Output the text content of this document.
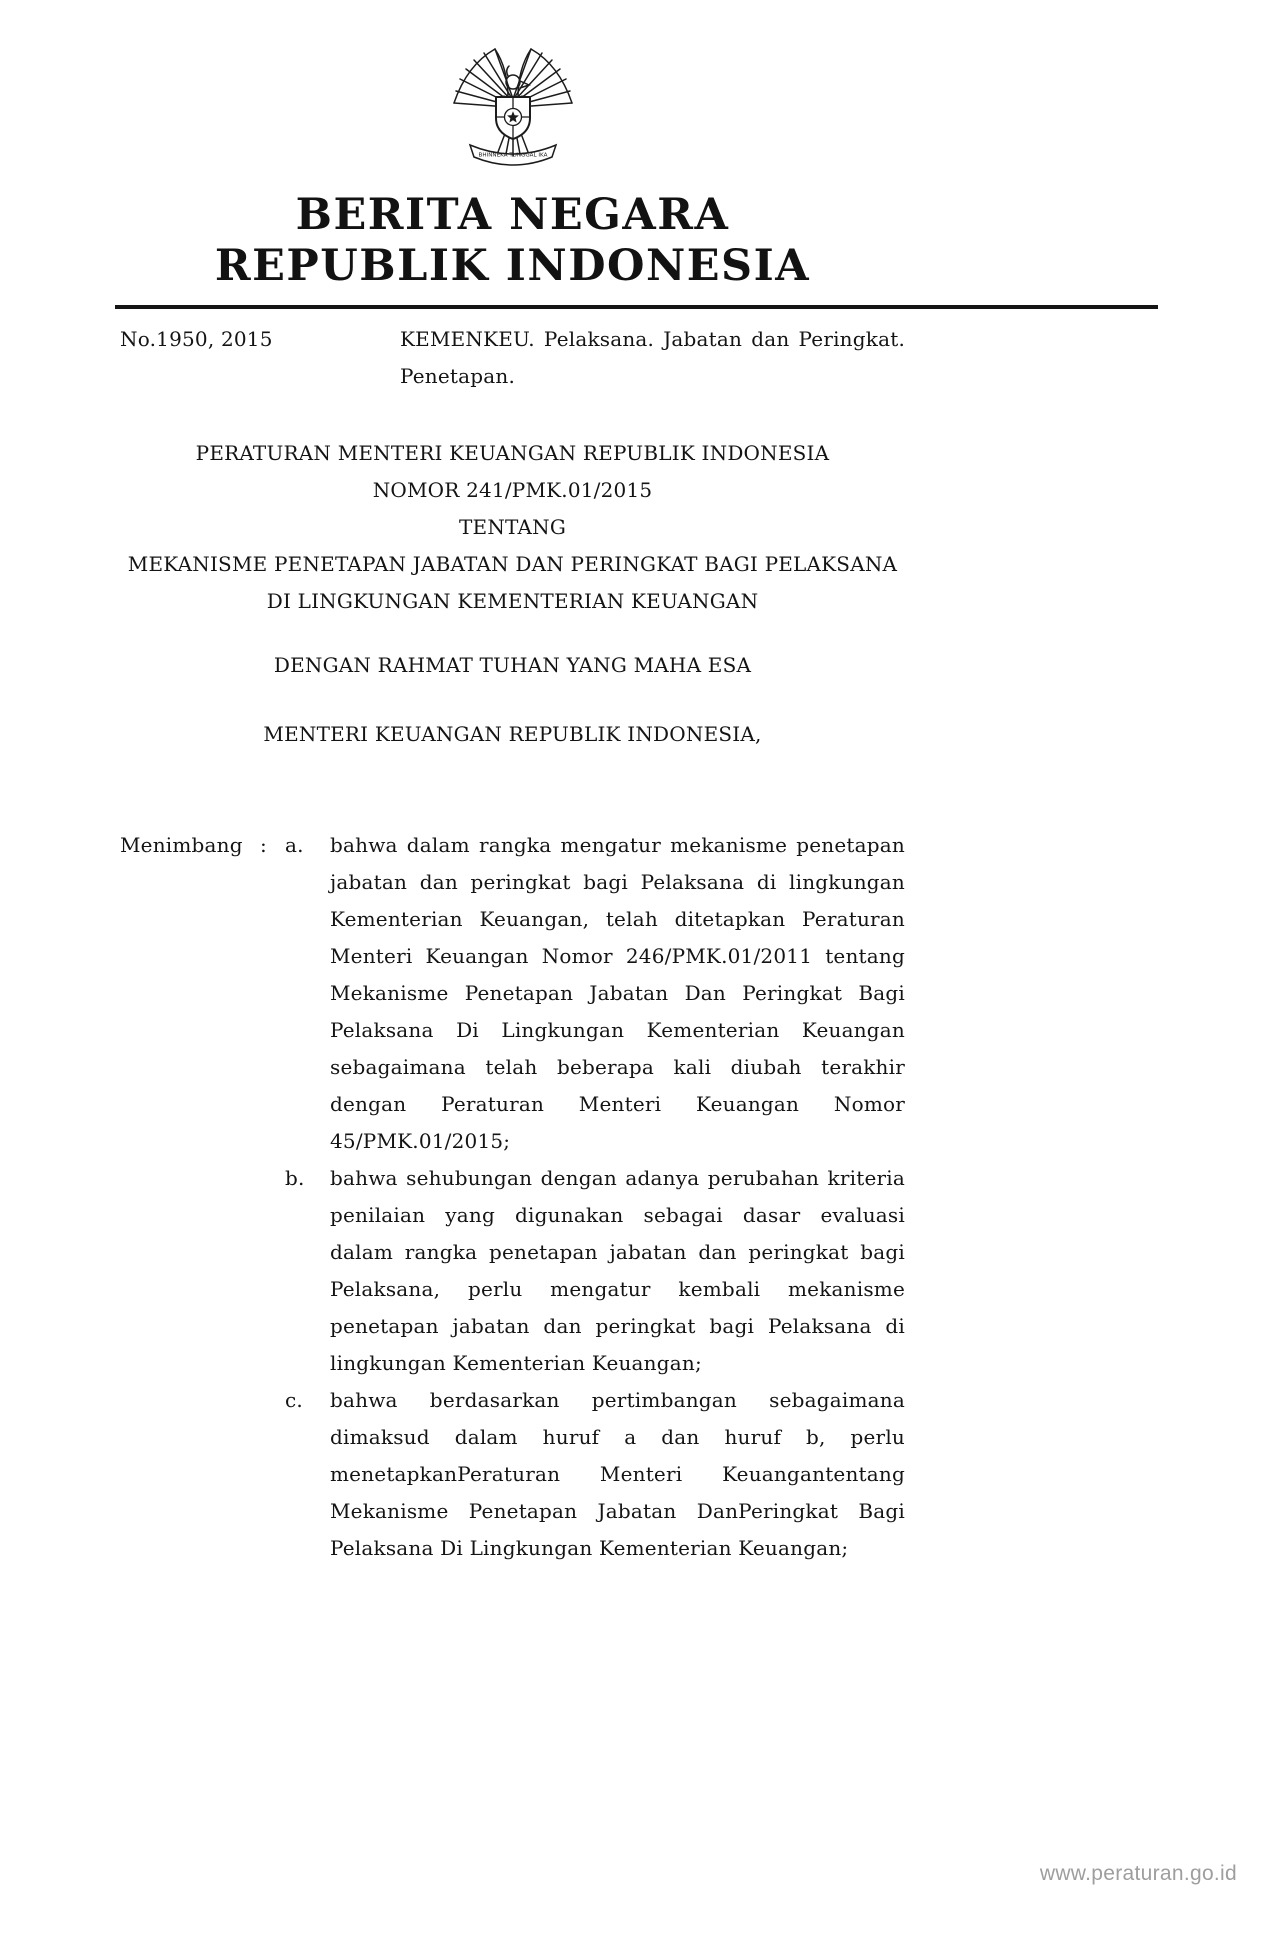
BHINNEKA TUNGGAL IKA
BERITA NEGARA
REPUBLIK INDONESIA
No.1950, 2015	KEMENKEU. Pelaksana. Jabatan dan Peringkat. Penetapan.
PERATURAN MENTERI KEUANGAN REPUBLIK INDONESIA
NOMOR 241/PMK.01/2015
TENTANG
MEKANISME PENETAPAN JABATAN DAN PERINGKAT BAGI PELAKSANA
DI LINGKUNGAN KEMENTERIAN KEUANGAN
DENGAN RAHMAT TUHAN YANG MAHA ESA
MENTERI KEUANGAN REPUBLIK INDONESIA,
Menimbang : a.	bahwa dalam rangka mengatur mekanisme penetapan jabatan dan peringkat bagi Pelaksana di lingkungan Kementerian Keuangan, telah ditetapkan Peraturan Menteri Keuangan Nomor 246/PMK.01/2011 tentang Mekanisme Penetapan Jabatan Dan Peringkat Bagi Pelaksana Di Lingkungan Kementerian Keuangan sebagaimana telah beberapa kali diubah terakhir dengan Peraturan Menteri Keuangan Nomor 45/PMK.01/2015;
b.	bahwa sehubungan dengan adanya perubahan kriteria penilaian yang digunakan sebagai dasar evaluasi dalam rangka penetapan jabatan dan peringkat bagi Pelaksana, perlu mengatur kembali mekanisme penetapan jabatan dan peringkat bagi Pelaksana di lingkungan Kementerian Keuangan;
c.	bahwa berdasarkan pertimbangan sebagaimana dimaksud dalam huruf a dan huruf b, perlu menetapkanPeraturan Menteri Keuangantentang Mekanisme Penetapan Jabatan DanPeringkat Bagi Pelaksana Di Lingkungan Kementerian Keuangan;
www.peraturan.go.id
